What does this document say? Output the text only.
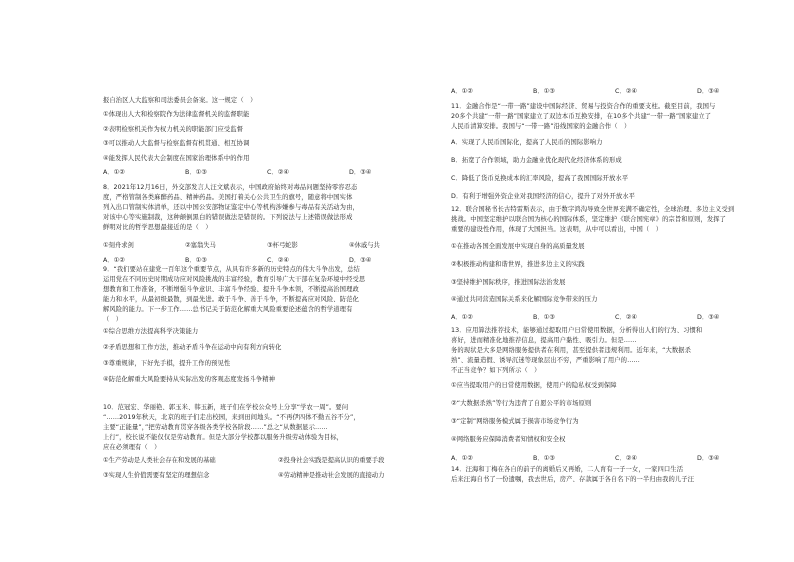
报自治区人大监察和司法委员会备案。这一规定（　）
①体现出人大和检察院作为法律监督机关的监督职能
②表明检察机关作为权力机关的职能部门应受监督
③可以推动人大监督与检察监督有机贯通、相互协调
④能发挥人民代表大会制度在国家治理体系中的作用
A．①②	B．①③	C．②④	D．③④
8．2021年12月16日，外交部发言人汪文斌表示，中国政府始终对毒品问题坚持零容忍态
度，严格管制各类麻醉药品、精神药品。美国打着关心公共卫生的旗号，随意将中国实体
列入出口管制实体清单，还以中国公安部物证鉴定中心等机构涉嫌参与毒品有关活动为由，
对该中心等实施制裁，这种颠倒黑白的错误做法是错误的。下列说法与上述错误做法形成
鲜明对比的哲学思想最接近的是（　）
①刻舟求剑	②塞翁失马	③杯弓蛇影	④休戚与共
A．①②	B．①③	C．②④	D．③④
9．“我们要站在建党一百年这个重要节点，从具有许多新的历史特点的伟大斗争出发，总结
运用党在不同历史时期成功应对风险挑战的丰富经验，教育引导广大干部在复杂环境中经受思
想教育和工作准备，不断增强斗争意识、丰富斗争经验、提升斗争本领，不断提高治国理政
能力和水平，从最初级最散，到最先进。敢于斗争、善于斗争，不断提高应对风险、防范化
解风险的能力。下一步工作……总书记关于防范化解重大风险重要论述蕴含的哲学道理有
（　）
①综合思维方法提高科学决策能力
②矛盾思想和工作方法，推动矛盾斗争在运动中向有利方向转化
③尊重规律，下好先手棋，提升工作的预见性
④防范化解重大风险要持从实际出发的客观态度发扬斗争精神
10．范冠宏、华丽艳、郭玉米、韩玉新，班子们在学校公众号上分享“学农一周”。要问
“……2019年秋天，北京的班子们走出校园，来到田间地头。“不再伊四体不勤五谷不分”，
主要“正能量”，”把劳动教育贯穿各级各类学校各阶段……”总之“从数据显示……
上行”，校长说不能仅仅是劳动教育。但是大部分学校都以服务升级劳动体验为目标，
应在必须理有（　）
①生产劳动是人类社会存在和发展的基础	②投身社会实践是提高认识的重要手段
③实现人生价值需要有坚定的理想信念	④劳动精神是推动社会发展的直接动力
A．①②	B．①③	C．②④	D．③④
11．金融合作是“一带一路”建设中国际经济、贸易与投资合作的重要支柱。截至目前，我国与
20多个共建“一带一路”国家建立了双边本币互换安排，在10多个共建“一带一路”国家建立了
人民币清算安排。我国与“一带一路”沿线国家的金融合作（　）
A．实现了人民币国际化，提高了人民币的国际影响力
B．拓宽了合作领域，助力金融业优化现代化经济体系的形成
C．降低了货币兑换成本的汇率风险，提高了我国国际开放水平
D．有利于增强外资企业对我国经济的信心，提升了对外开放水平
12．联合国秘书长古特雷斯表示，由于数字鸿沟导致全世界充满不确定性，全球治理、多边主义受到
挑战。中国坚定维护以联合国为核心的国际体系，坚定维护《联合国宪章》的宗旨和原则，发挥了
重要的建设性作用，体现了大国担当。这表明，从中可以看出，中国（　）
①在推动各国全面发展中实现自身的高质量发展
②积极推动构建和谐世界，推进多边主义的实践
③坚持维护国际秩序，推进国际法治发展
④通过共同营造国际关系来化解国际竞争带来的压力
A．①②	B．①③	C．②④	D．③④
13．应用算法推荐技术，能够通过提取用户日常使用数据，分析得出人们的行为、习惯和
喜好，进而精准化地推荐信息，提高用户黏性、吸引力。但是……
务的现状是大多是网络服务提供者在利用，甚至提供者违规利用。近年来，“大数据杀
熟”、流量造假、诱导沉迷等现象层出不穷，严重影响了用户的……
不正当竞争？如下列所示（　）
①应当提取用户的日常使用数据，使用户的隐私权受到保障
②“大数据杀熟”等行为违背了自愿公平的市场原则
③“定制”网络服务模式属于损害市场竞争行为
④网络服务应保障消费者知情权和安全权
A．①②	B．①③	C．②④	D．③④
14．汪海和丁梅在各自的前子的离婚后又再婚，二人育有一子一女，一家四口生活
后来汪海自书了一份遗嘱，我去世后，房产、存款属于各自名下的一半归由我的儿子汪
